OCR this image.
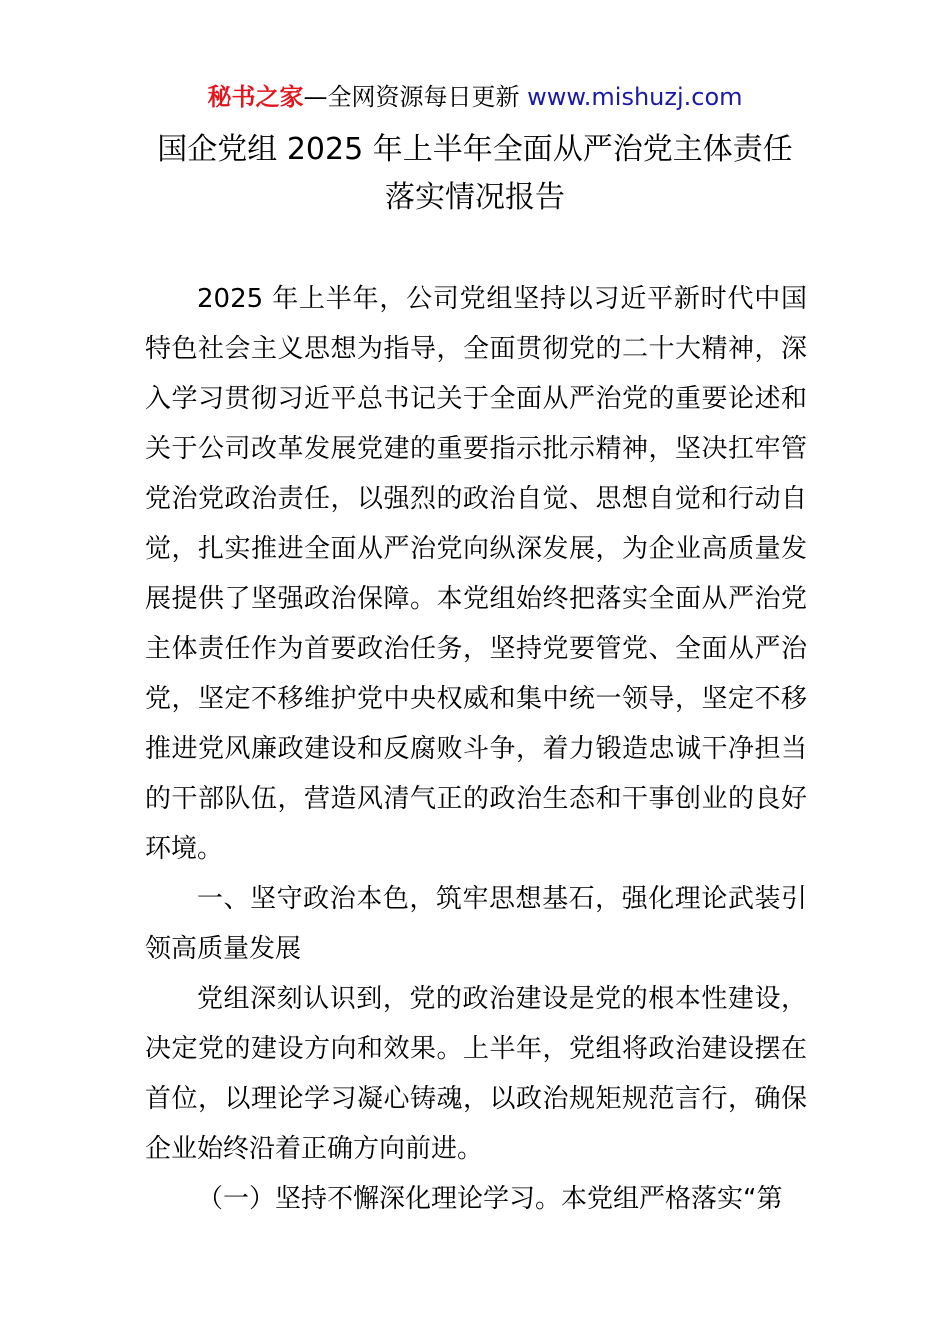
秘书之家—全网资源每日更新 www.mishuzj.com
国企党组 2025 年上半年全面从严治党主体责任
落实情况报告

2025 年上半年，公司党组坚持以习近平新时代中国特色社会主义思想为指导，全面贯彻党的二十大精神，深入学习贯彻习近平总书记关于全面从严治党的重要论述和关于公司改革发展党建的重要指示批示精神，坚决扛牢管党治党政治责任，以强烈的政治自觉、思想自觉和行动自觉，扎实推进全面从严治党向纵深发展，为企业高质量发展提供了坚强政治保障。本党组始终把落实全面从严治党主体责任作为首要政治任务，坚持党要管党、全面从严治党，坚定不移维护党中央权威和集中统一领导，坚定不移推进党风廉政建设和反腐败斗争，着力锻造忠诚干净担当的干部队伍，营造风清气正的政治生态和干事创业的良好环境。

一、坚守政治本色，筑牢思想基石，强化理论武装引领高质量发展

党组深刻认识到，党的政治建设是党的根本性建设，决定党的建设方向和效果。上半年，党组将政治建设摆在首位，以理论学习凝心铸魂，以政治规矩规范言行，确保企业始终沿着正确方向前进。

（一）坚持不懈深化理论学习。本党组严格落实“第
